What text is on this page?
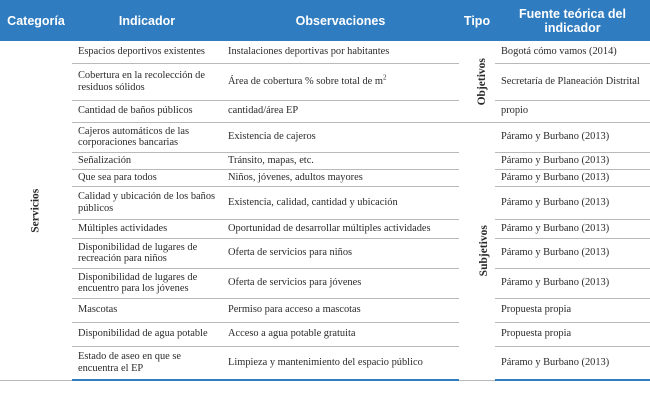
Categoría	Indicador	Observaciones	Tipo	Fuente teórica del indicador
Servicios	Espacios deportivos existentes	Instalaciones deportivas por habitantes	Objetivos	Bogotá cómo vamos (2014)
	Cobertura en la recolección de residuos sólidos	Área de cobertura % sobre total de $m^2$		Secretaría de Planeación Distrital
	Cantidad de baños públicos	cantidad/área EP		propio
	Cajeros automáticos de las corporaciones bancarias	Existencia de cajeros	Subjetivos	Páramo y Burbano (2013)
	Señalización	Tránsito, mapas, etc.		Páramo y Burbano (2013)
	Que sea para todos	Niños, jóvenes, adultos mayores		Páramo y Burbano (2013)
	Calidad y ubicación de los baños públicos	Existencia, calidad, cantidad y ubicación		Páramo y Burbano (2013)
	Múltiples actividades	Oportunidad de desarrollar múltiples actividades		Páramo y Burbano (2013)
	Disponibilidad de lugares de recreación para niños	Oferta de servicios para niños		Páramo y Burbano (2013)
	Disponibilidad de lugares de encuentro para los jóvenes	Oferta de servicios para jóvenes		Páramo y Burbano (2013)
	Mascotas	Permiso para acceso a mascotas		Propuesta propia
	Disponibilidad de agua potable	Acceso a agua potable gratuita		Propuesta propia
	Estado de aseo en que se encuentra el EP	Limpieza y mantenimiento del espacio público		Páramo y Burbano (2013)
